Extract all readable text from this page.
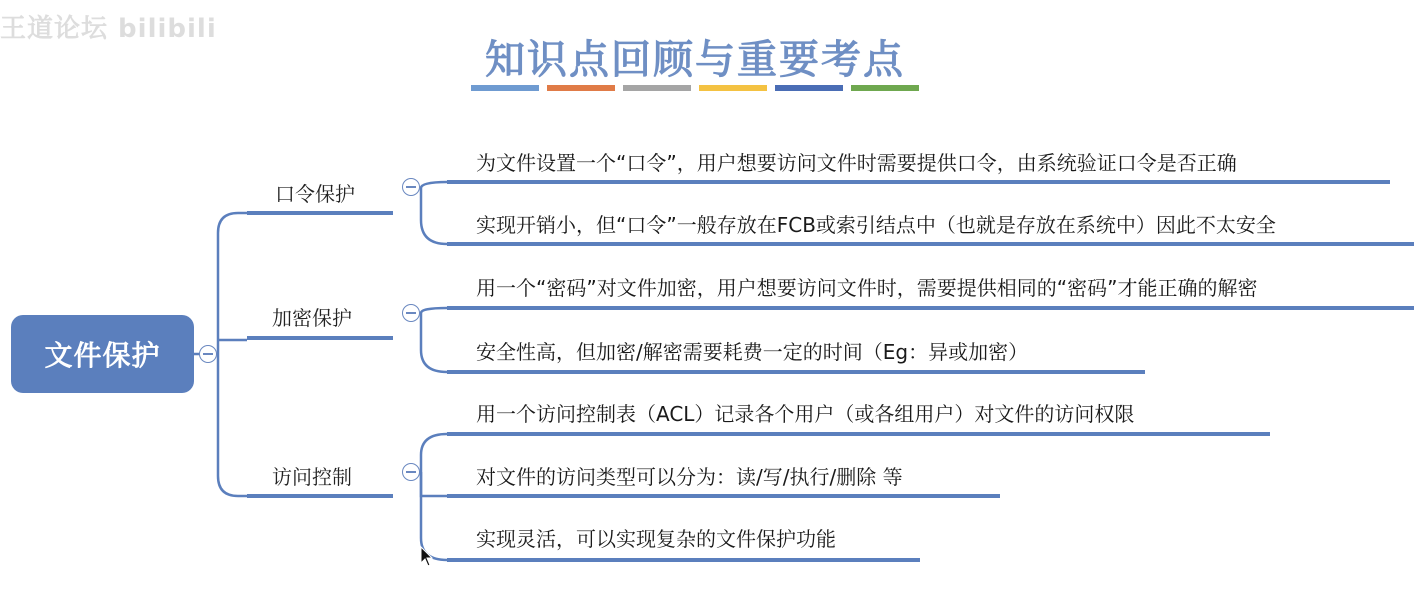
王道论坛 bilibili
知识点回顾与重要考点
文件保护
口令保护
加密保护
访问控制
为文件设置一个“口令”，用户想要访问文件时需要提供口令，由系统验证口令是否正确
实现开销小，但“口令”一般存放在FCB或索引结点中（也就是存放在系统中）因此不太安全
用一个“密码”对文件加密，用户想要访问文件时，需要提供相同的“密码”才能正确的解密
安全性高，但加密/解密需要耗费一定的时间（Eg：异或加密）
用一个访问控制表（ACL）记录各个用户（或各组用户）对文件的访问权限
对文件的访问类型可以分为：读/写/执行/删除 等
实现灵活，可以实现复杂的文件保护功能
